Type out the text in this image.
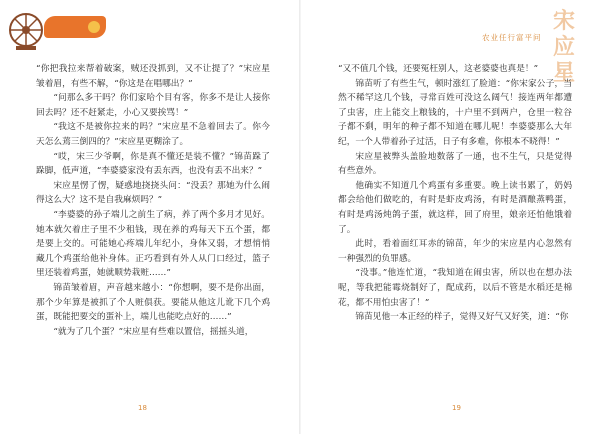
农业任行富平问
宋
应
星

“你把我拉来帮着破案，贼还没抓到，又不让提了？”宋应星皱着眉，有些不解，“你这是在唱哪出？”

“问那么多干吗？你们家哈个目有客，你多不是让人接你回去吗？还不赶紧走，小心又要挨骂！”

“我这不是被你拉来的吗？”宋应星不急着回去了。你今天怎么蔫三倒四的？”宋应星更糊涂了。

“哎，宋三少爷啊，你是真不懂还是装不懂？”锦苗跺了跺脚，低声道，“李婆婆家没有丢东西，也没有丢不出来？”

宋应星愣了愣，疑惑地挠挠头问：“没丢？那她为什么闹得这么大？这不是自我麻烦吗？”

“李婆婆的孙子端儿之前生了病，养了两个多月才见好。她本就欠着庄子里不少租钱，现在养的鸡每天下五个蛋，都是要上交的。可能她心疼端儿年纪小，身体又弱，才想悄悄藏几个鸡蛋给他补身体。正巧看到有外人从门口经过，篮子里还装着鸡蛋，她就顺势栽赃……”

锦苗皱着眉，声音越来越小：“你想啊，要不是你出面，那个少年算是被抓了个人赃俱获。要能从他这儿讹下几个鸡蛋，既能把要交的蛋补上，端儿也能吃点好的……”

“就为了几个蛋？”宋应星有些难以置信，摇摇头道，

“又不值几个钱，还要冤枉别人，这老婆婆也真是！”

锦苗听了有些生气，顿时涨红了脸道：“你宋家公子，当然不稀罕这几个钱，寻常百姓可没这么阔气！接连两年都遭了虫害，庄上能交上粮钱的，十户里不到两户，仓里一粒谷子都不剩，明年的种子都不知道在哪儿呢！李婆婆那么大年纪，一个人带着孙子过活，日子有多难，你根本不晓得！”

宋应星被弊头盖脸地数落了一通，也不生气，只是觉得有些意外。

他确实不知道几个鸡蛋有多重要。晚上读书累了，奶妈都会给他们做吃的，有时是虾皮鸡汤，有时是酒酿蒸鸭蛋，有时是鸡汤炖鸽子蛋，就这样，回了府里，娘亲还怕他饿着了。

此时，看着面红耳赤的锦苗，年少的宋应星内心忽然有一种强烈的负罪感。

“没事。”他连忙道，“我知道在闹虫害，所以也在想办法呢，等我把能霉烧制好了，配成药，以后不管是水稻还是棉花，都不用怕虫害了！”

锦苗见他一本正经的样子，觉得又好气又好笑，道：“你

18	19
